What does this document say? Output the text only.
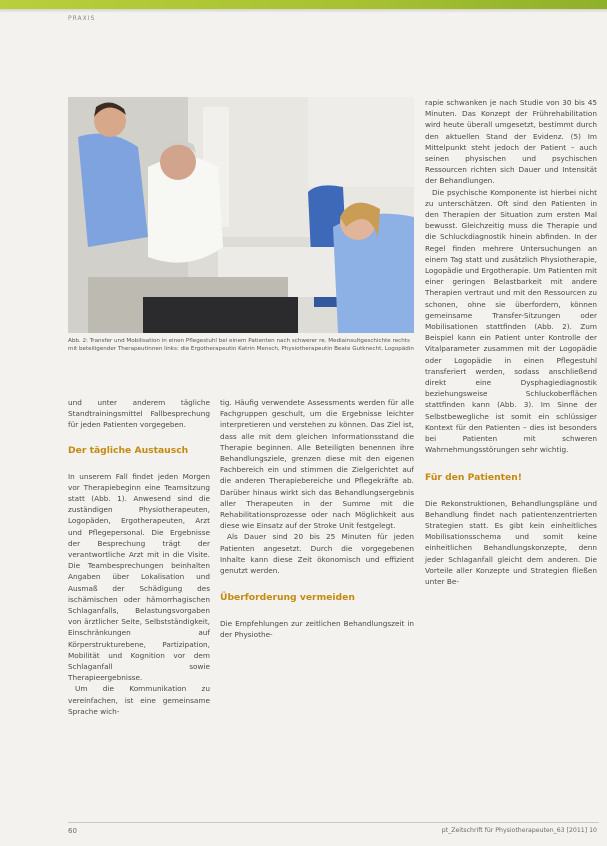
PRAXIS
Abb. 2: Transfer und Mobilisation in einen Pflegestuhl bei einem Patienten nach schwerer re. Mediainsultgeschichte rechts mit beteiligender Therapeutinnen links: die Ergotherapeutin Katrin Mensch, Physiotherapeutin Beate Gutknecht, Logopädin

und unter anderem tägliche Standtrainingsmittel Fallbesprechung für jeden Patienten vorgegeben.

Der tägliche Austausch

In unserem Fall findet jeden Morgen vor Therapiebeginn eine Teamsitzung statt (Abb. 1). Anwesend sind die zuständigen Physiotherapeuten, Logopäden, Ergotherapeuten, Arzt und Pflegepersonal. Die Ergebnisse der Besprechung trägt der verantwortliche Arzt mit in die Visite. Die Teambesprechungen beinhalten Angaben über Lokalisation und Ausmaß der Schädigung des ischämischen oder hämorrhagischen Schlaganfalls, Belastungsvorgaben von ärztlicher Seite, Selbstständigkeit, Einschränkungen auf Körperstrukturebene, Partizipation, Mobilität und Kognition vor dem Schlaganfall sowie Therapieergebnisse.

Um die Kommunikation zu vereinfachen, ist eine gemeinsame Sprache wich-

tig. Häufig verwendete Assessments werden für alle Fachgruppen geschult, um die Ergebnisse leichter interpretieren und verstehen zu können. Das Ziel ist, dass alle mit dem gleichen Informationsstand die Therapie beginnen. Alle Beteiligten benennen ihre Behandlungsziele, grenzen diese mit den eigenen Fachbereich ein und stimmen die Zielgerichtet auf die anderen Therapiebereiche und Pflegekräfte ab. Darüber hinaus wirkt sich das Behandlungsergebnis aller Therapeuten in der Summe mit die Rehabilitationsprozesse oder nach Möglichkeit aus diese wie Einsatz auf der Stroke Unit festgelegt.

Als Dauer sind 20 bis 25 Minuten für jeden Patienten angesetzt. Durch die vorgegebenen Inhalte kann diese Zeit ökonomisch und effizient genutzt werden.

Überforderung vermeiden

Die Empfehlungen zur zeitlichen Behandlungszeit in der Physiothe-

rapie schwanken je nach Studie von 30 bis 45 Minuten. Das Konzept der Frührehabilitation wird heute überall umgesetzt, bestimmt durch den aktuellen Stand der Evidenz. (5) Im Mittelpunkt steht jedoch der Patient – auch seinen physischen und psychischen Ressourcen richten sich Dauer und Intensität der Behandlungen.

Die psychische Komponente ist hierbei nicht zu unterschätzen. Oft sind den Patienten in den Therapien der Situation zum ersten Mal bewusst. Gleichzeitig muss die Therapie und die Schluckdiagnostik hinein abfinden. In der Regel finden mehrere Untersuchungen an einem Tag statt und zusätzlich Physiotherapie, Logopädie und Ergotherapie. Um Patienten mit einer geringen Belastbarkeit mit andere Therapien vertraut und mit den Ressourcen zu schonen, ohne sie überfordern, können gemeinsame Transfer-Sitzungen oder Mobilisationen stattfinden (Abb. 2). Zum Beispiel kann ein Patient unter Kontrolle der Vitalparameter zusammen mit der Logopädie oder Logopädie in einen Pflegestuhl transferiert werden, sodass anschließend direkt eine Dysphagiediagnostik beziehungsweise Schluckoberflächen stattfinden kann (Abb. 3). Im Sinne der Selbstbewegliche ist somit ein schlüssiger Kontext für den Patienten – dies ist besonders bei Patienten mit schweren Wahrnehmungsstörungen sehr wichtig.

Für den Patienten!

Die Rekonstruktionen, Behandlungspläne und Behandlung findet nach patientenzentrierten Strategien statt. Es gibt kein einheitliches Mobilisationsschema und somit keine einheitlichen Behandlungskonzepte, denn jeder Schlaganfall gleicht dem anderen. Die Vorteile aller Konzepte und Strategien fließen unter Be-

60	pt_Zeitschrift für Physiotherapeuten_63 [2011] 10
